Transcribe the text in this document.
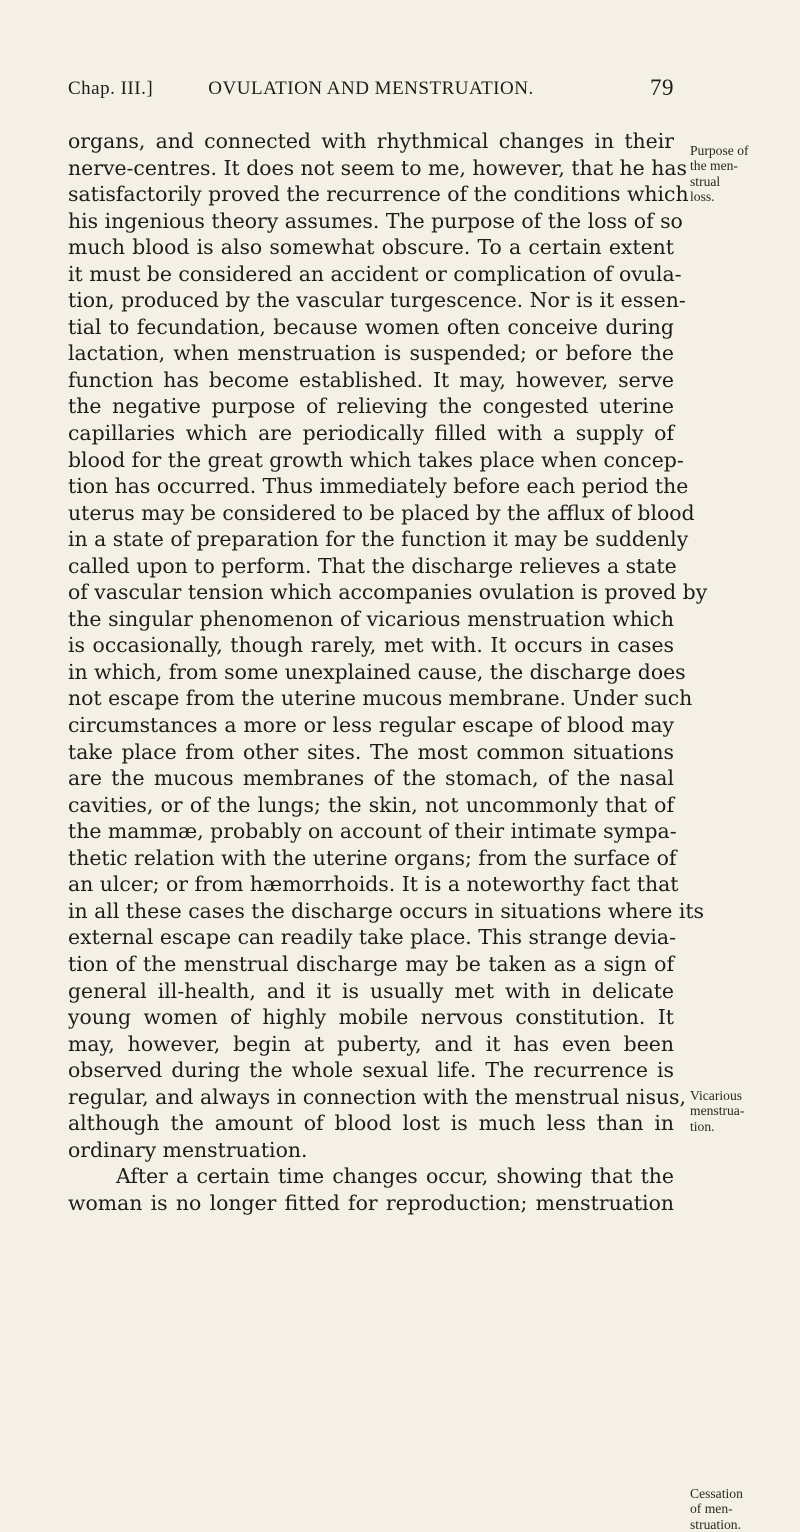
Chap. III.]	OVULATION AND MENSTRUATION.	79
organs, and connected with rhythmical changes in their
nerve-centres. It does not seem to me, however, that he has
satisfactorily proved the recurrence of the conditions which
his ingenious theory assumes. The purpose of the loss of so
much blood is also somewhat obscure. To a certain extent
it must be considered an accident or complication of ovula-
tion, produced by the vascular turgescence. Nor is it essen-
tial to fecundation, because women often conceive during
lactation, when menstruation is suspended; or before the
function has become established. It may, however, serve
the negative purpose of relieving the congested uterine
capillaries which are periodically filled with a supply of
blood for the great growth which takes place when concep-
tion has occurred. Thus immediately before each period the
uterus may be considered to be placed by the afflux of blood
in a state of preparation for the function it may be suddenly
called upon to perform. That the discharge relieves a state
of vascular tension which accompanies ovulation is proved by
the singular phenomenon of vicarious menstruation which
is occasionally, though rarely, met with. It occurs in cases
in which, from some unexplained cause, the discharge does
not escape from the uterine mucous membrane. Under such
circumstances a more or less regular escape of blood may
take place from other sites. The most common situations
are the mucous membranes of the stomach, of the nasal
cavities, or of the lungs; the skin, not uncommonly that of
the mammæ, probably on account of their intimate sympa-
thetic relation with the uterine organs; from the surface of
an ulcer; or from hæmorrhoids. It is a noteworthy fact that
in all these cases the discharge occurs in situations where its
external escape can readily take place. This strange devia-
tion of the menstrual discharge may be taken as a sign of
general ill-health, and it is usually met with in delicate
young women of highly mobile nervous constitution. It
may, however, begin at puberty, and it has even been
observed during the whole sexual life. The recurrence is
regular, and always in connection with the menstrual nisus,
although the amount of blood lost is much less than in
ordinary menstruation.
After a certain time changes occur, showing that the
woman is no longer fitted for reproduction; menstruation
Purpose of
the men-
strual
loss.
Vicarious
menstrua-
tion.
Cessation
of men-
struation.
